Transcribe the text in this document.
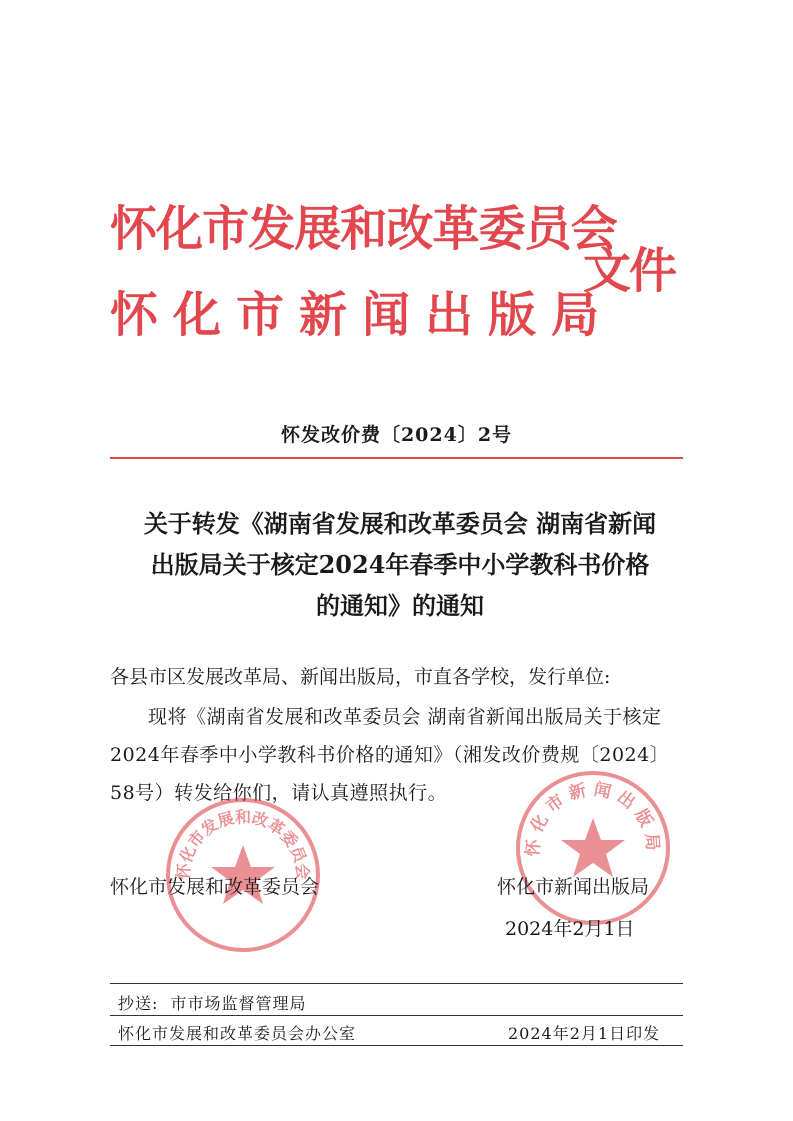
怀化市发展和改革委员会
怀化市新闻出版局
文件
怀发改价费〔2024〕2号
关于转发《湖南省发展和改革委员会 湖南省新闻
出版局关于核定2024年春季中小学教科书价格
的通知》的通知
各县市区发展改革局、新闻出版局，市直各学校，发行单位:
现将《湖南省发展和改革委员会 湖南省新闻出版局关于核定2024年春季中小学教科书价格的通知》（湘发改价费规〔2024〕58号）转发给你们，请认真遵照执行。
怀化市发展和改革委员会
怀化市新闻出版局
怀化市发展和改革委员会	怀化市新闻出版局
2024年2月1日
抄送: 市市场监督管理局
怀化市发展和改革委员会办公室	2024年2月1日印发
